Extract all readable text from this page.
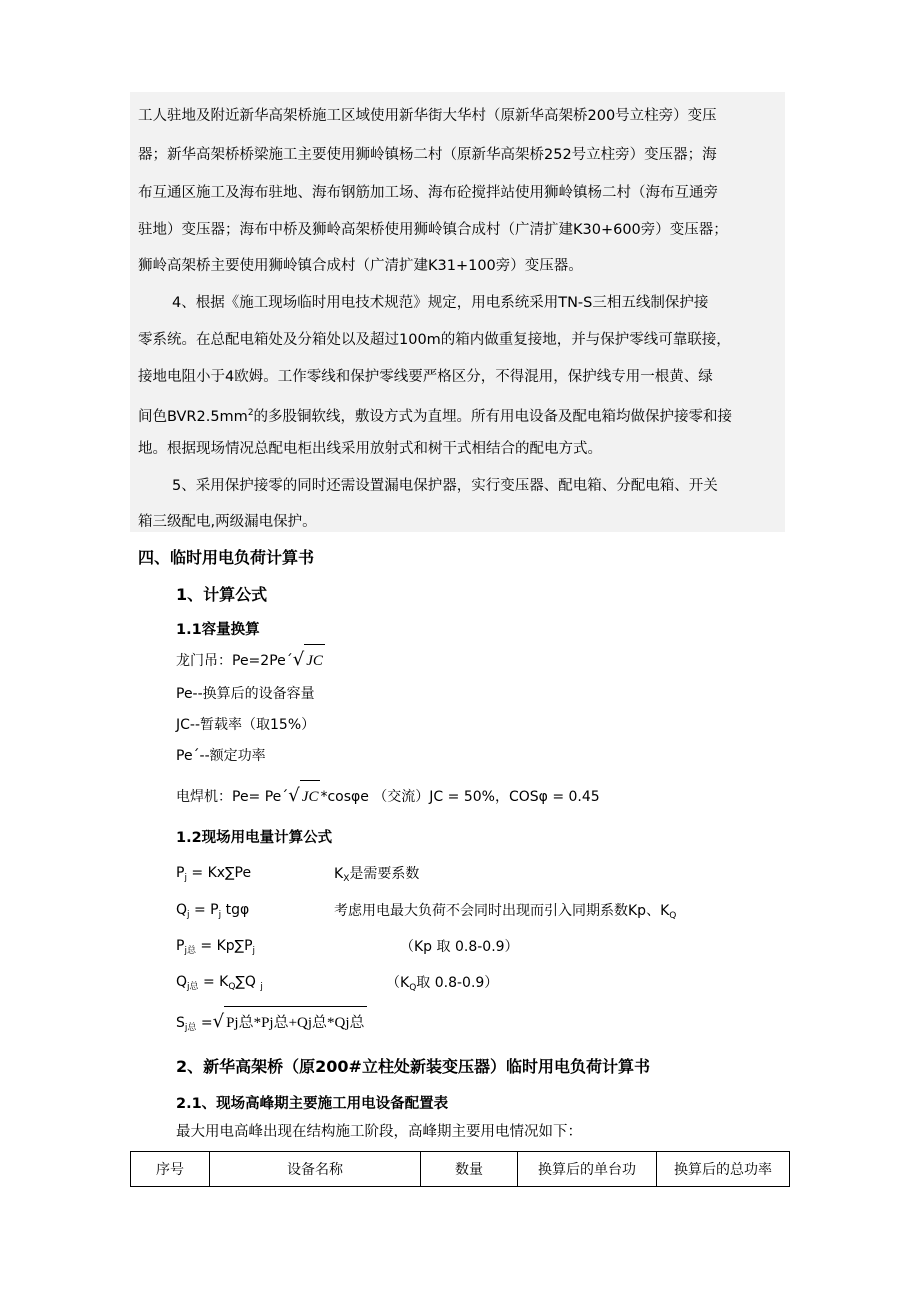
工人驻地及附近新华高架桥施工区域使用新华街大华村（原新华高架桥200号立柱旁）变压
器；新华高架桥桥梁施工主要使用狮岭镇杨二村（原新华高架桥252号立柱旁）变压器；海
布互通区施工及海布驻地、海布钢筋加工场、海布砼搅拌站使用狮岭镇杨二村（海布互通旁
驻地）变压器；海布中桥及狮岭高架桥使用狮岭镇合成村（广清扩建K30+600旁）变压器；
狮岭高架桥主要使用狮岭镇合成村（广清扩建K31+100旁）变压器。
4、根据《施工现场临时用电技术规范》规定，用电系统采用TN-S三相五线制保护接
零系统。在总配电箱处及分箱处以及超过100m的箱内做重复接地，并与保护零线可靠联接，
接地电阻小于4欧姆。工作零线和保护零线要严格区分，不得混用，保护线专用一根黄、绿
间色$BVR2.5mm^2$的多股铜软线，敷设方式为直埋。所有用电设备及配电箱均做保护接零和接
地。根据现场情况总配电柜出线采用放射式和树干式相结合的配电方式。
5、采用保护接零的同时还需设置漏电保护器，实行变压器、配电箱、分配电箱、开关
箱三级配电,两级漏电保护。
四、临时用电负荷计算书
1、计算公式
1.1容量换算
龙门吊：Pe=2Pe´√ JC
Pe--换算后的设备容量
JC--暂载率（取15%）
Pe´--额定功率
电焊机：Pe= Pe´√ JC *cosφe （交流）JC = 50%，COSφ = 0.45
1.2现场用电量计算公式
$P_j = Kx\sum Pe$	$K_X$是需要系数
$Q_j = P_j$ tgφ	考虑用电最大负荷不会同时出现而引入同期系数Kp、$K_Q$
$P_{j总} = Kp\sum P_j$	（Kp 取 0.8-0.9）
$Q_{j总} = K_Q\sum Q$ $_j$	（$K_Q$取 0.8-0.9）
$S_{j总}$ =√ Pj总*Pj总+Qj总*Qj总
2、新华高架桥（原200#立柱处新装变压器）临时用电负荷计算书
2.1、现场高峰期主要施工用电设备配置表
最大用电高峰出现在结构施工阶段，高峰期主要用电情况如下：
序号	设备名称	数量	换算后的单台功	换算后的总功率
